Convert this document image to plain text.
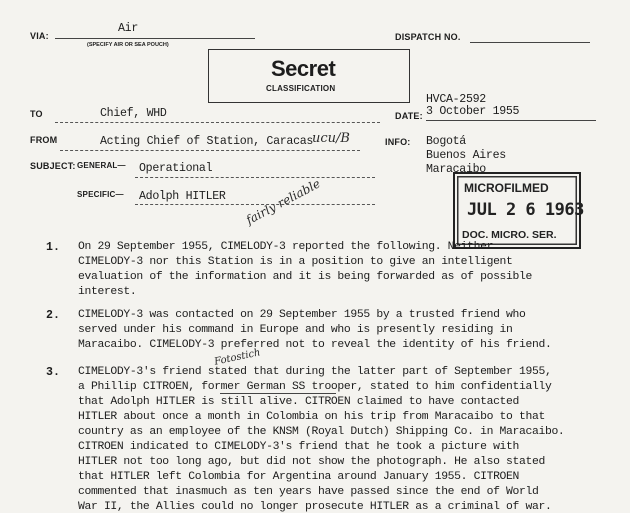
VIA:
Air
(SPECIFY AIR OR SEA POUCH)
DISPATCH NO.
Secret
CLASSIFICATION
HVCA-2592
TO	Chief, WHD	DATE: 3 October 1955
FROM	Acting Chief of Station, Caracas
ucu/B	INFO: Bogotá
Buenos Aires
Maracaibo
SUBJECT: GENERAL— Operational
SPECIFIC— Adolph HITLER fairly reliable	MICROFILMED
JUL 2 6 1963
DOC. MICRO. SER.
1. On 29 September 1955, CIMELODY-3 reported the following. Neither
CIMELODY-3 nor this Station is in a position to give an intelligent
evaluation of the information and it is being forwarded as of possible
interest.
2. CIMELODY-3 was contacted on 29 September 1955 by a trusted friend who
served under his command in Europe and who is presently residing in
Maracaibo. CIMELODY-3 preferred not to reveal the identity of his friend.
Fotostich
3. CIMELODY-3's friend stated that during the latter part of September 1955,
a Phillip CITROEN, former German SS trooper, stated to him confidentially
that Adolph HITLER is still alive. CITROEN claimed to have contacted
HITLER about once a month in Colombia on his trip from Maracaibo to that
country as an employee of the KNSM (Royal Dutch) Shipping Co. in Maracaibo.
CITROEN indicated to CIMELODY-3's friend that he took a picture with
HITLER not too long ago, but did not show the photograph. He also stated
that HITLER left Colombia for Argentina around January 1955. CITROEN
commented that inasmuch as ten years have passed since the end of World
War II, the Allies could no longer prosecute HITLER as a criminal of war.
